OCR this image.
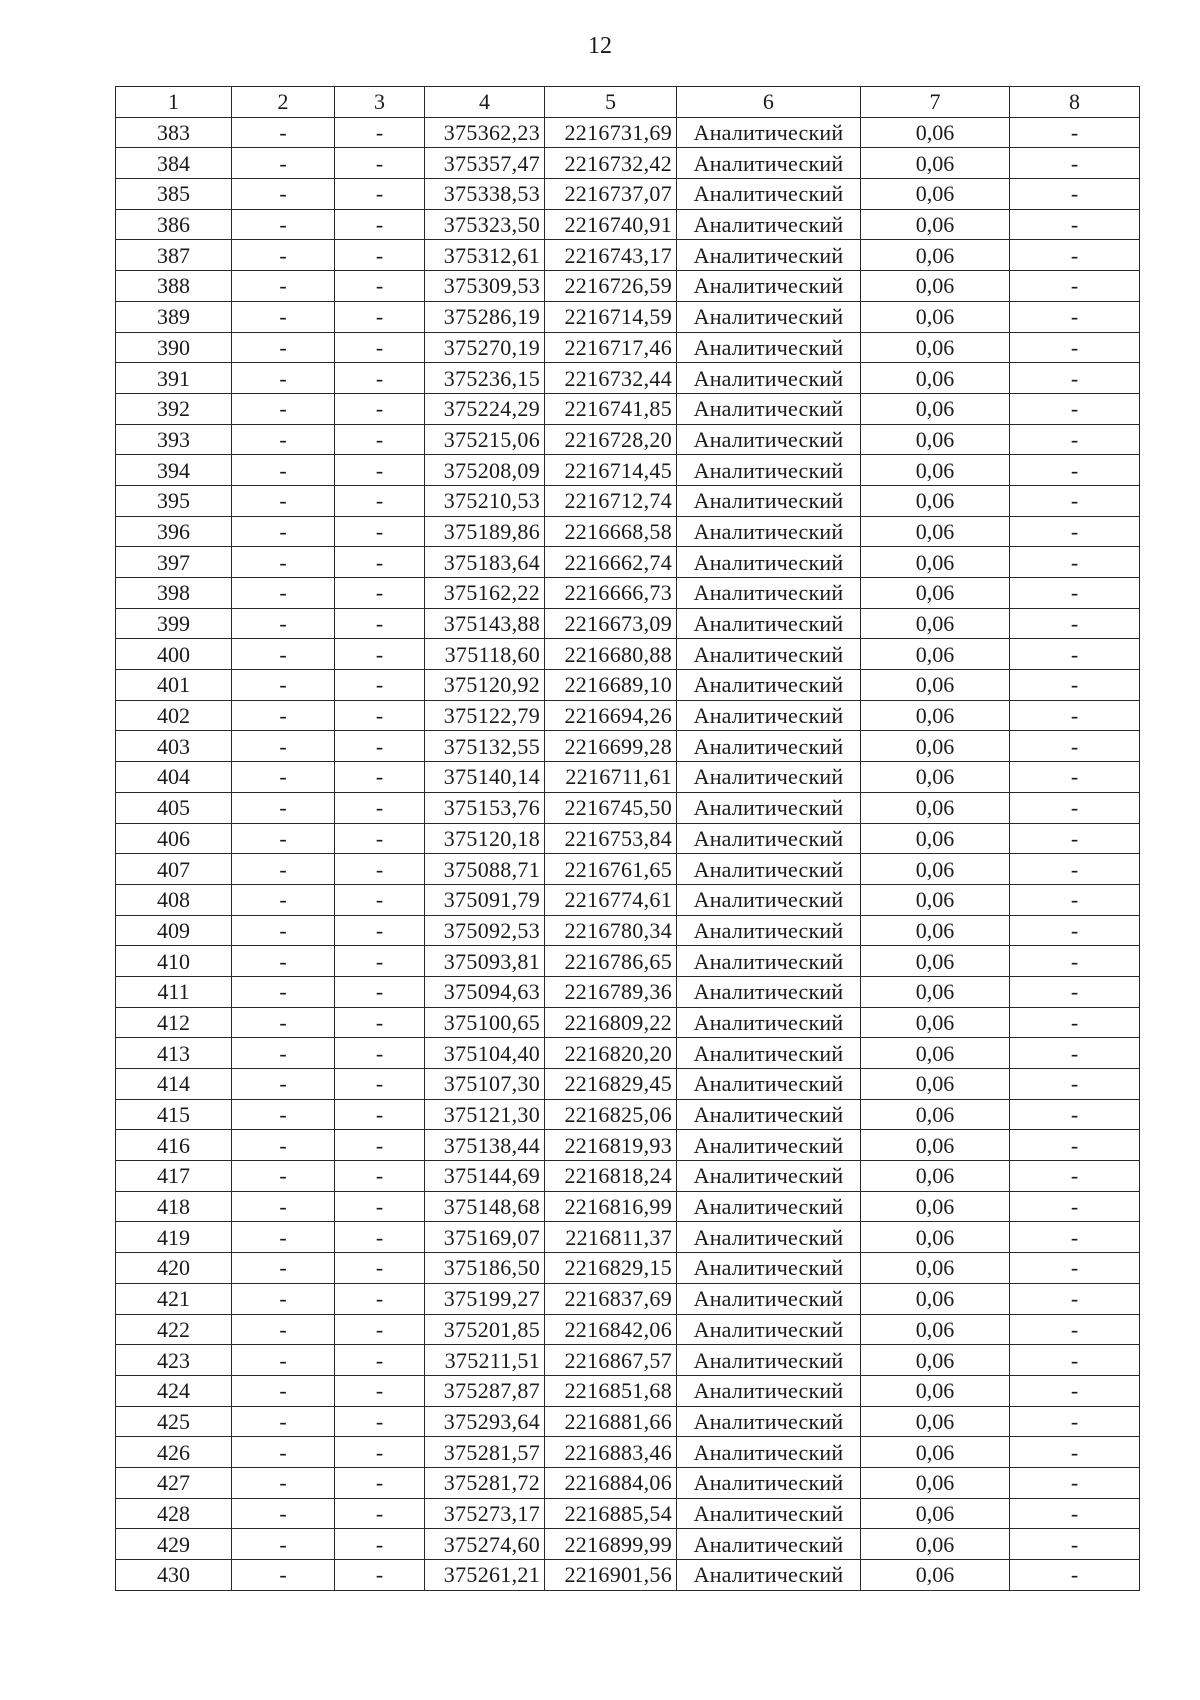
12
1	2	3	4	5	6	7	8
383	-	-	375362,23	2216731,69	Аналитический	0,06	-
384	-	-	375357,47	2216732,42	Аналитический	0,06	-
385	-	-	375338,53	2216737,07	Аналитический	0,06	-
386	-	-	375323,50	2216740,91	Аналитический	0,06	-
387	-	-	375312,61	2216743,17	Аналитический	0,06	-
388	-	-	375309,53	2216726,59	Аналитический	0,06	-
389	-	-	375286,19	2216714,59	Аналитический	0,06	-
390	-	-	375270,19	2216717,46	Аналитический	0,06	-
391	-	-	375236,15	2216732,44	Аналитический	0,06	-
392	-	-	375224,29	2216741,85	Аналитический	0,06	-
393	-	-	375215,06	2216728,20	Аналитический	0,06	-
394	-	-	375208,09	2216714,45	Аналитический	0,06	-
395	-	-	375210,53	2216712,74	Аналитический	0,06	-
396	-	-	375189,86	2216668,58	Аналитический	0,06	-
397	-	-	375183,64	2216662,74	Аналитический	0,06	-
398	-	-	375162,22	2216666,73	Аналитический	0,06	-
399	-	-	375143,88	2216673,09	Аналитический	0,06	-
400	-	-	375118,60	2216680,88	Аналитический	0,06	-
401	-	-	375120,92	2216689,10	Аналитический	0,06	-
402	-	-	375122,79	2216694,26	Аналитический	0,06	-
403	-	-	375132,55	2216699,28	Аналитический	0,06	-
404	-	-	375140,14	2216711,61	Аналитический	0,06	-
405	-	-	375153,76	2216745,50	Аналитический	0,06	-
406	-	-	375120,18	2216753,84	Аналитический	0,06	-
407	-	-	375088,71	2216761,65	Аналитический	0,06	-
408	-	-	375091,79	2216774,61	Аналитический	0,06	-
409	-	-	375092,53	2216780,34	Аналитический	0,06	-
410	-	-	375093,81	2216786,65	Аналитический	0,06	-
411	-	-	375094,63	2216789,36	Аналитический	0,06	-
412	-	-	375100,65	2216809,22	Аналитический	0,06	-
413	-	-	375104,40	2216820,20	Аналитический	0,06	-
414	-	-	375107,30	2216829,45	Аналитический	0,06	-
415	-	-	375121,30	2216825,06	Аналитический	0,06	-
416	-	-	375138,44	2216819,93	Аналитический	0,06	-
417	-	-	375144,69	2216818,24	Аналитический	0,06	-
418	-	-	375148,68	2216816,99	Аналитический	0,06	-
419	-	-	375169,07	2216811,37	Аналитический	0,06	-
420	-	-	375186,50	2216829,15	Аналитический	0,06	-
421	-	-	375199,27	2216837,69	Аналитический	0,06	-
422	-	-	375201,85	2216842,06	Аналитический	0,06	-
423	-	-	375211,51	2216867,57	Аналитический	0,06	-
424	-	-	375287,87	2216851,68	Аналитический	0,06	-
425	-	-	375293,64	2216881,66	Аналитический	0,06	-
426	-	-	375281,57	2216883,46	Аналитический	0,06	-
427	-	-	375281,72	2216884,06	Аналитический	0,06	-
428	-	-	375273,17	2216885,54	Аналитический	0,06	-
429	-	-	375274,60	2216899,99	Аналитический	0,06	-
430	-	-	375261,21	2216901,56	Аналитический	0,06	-
